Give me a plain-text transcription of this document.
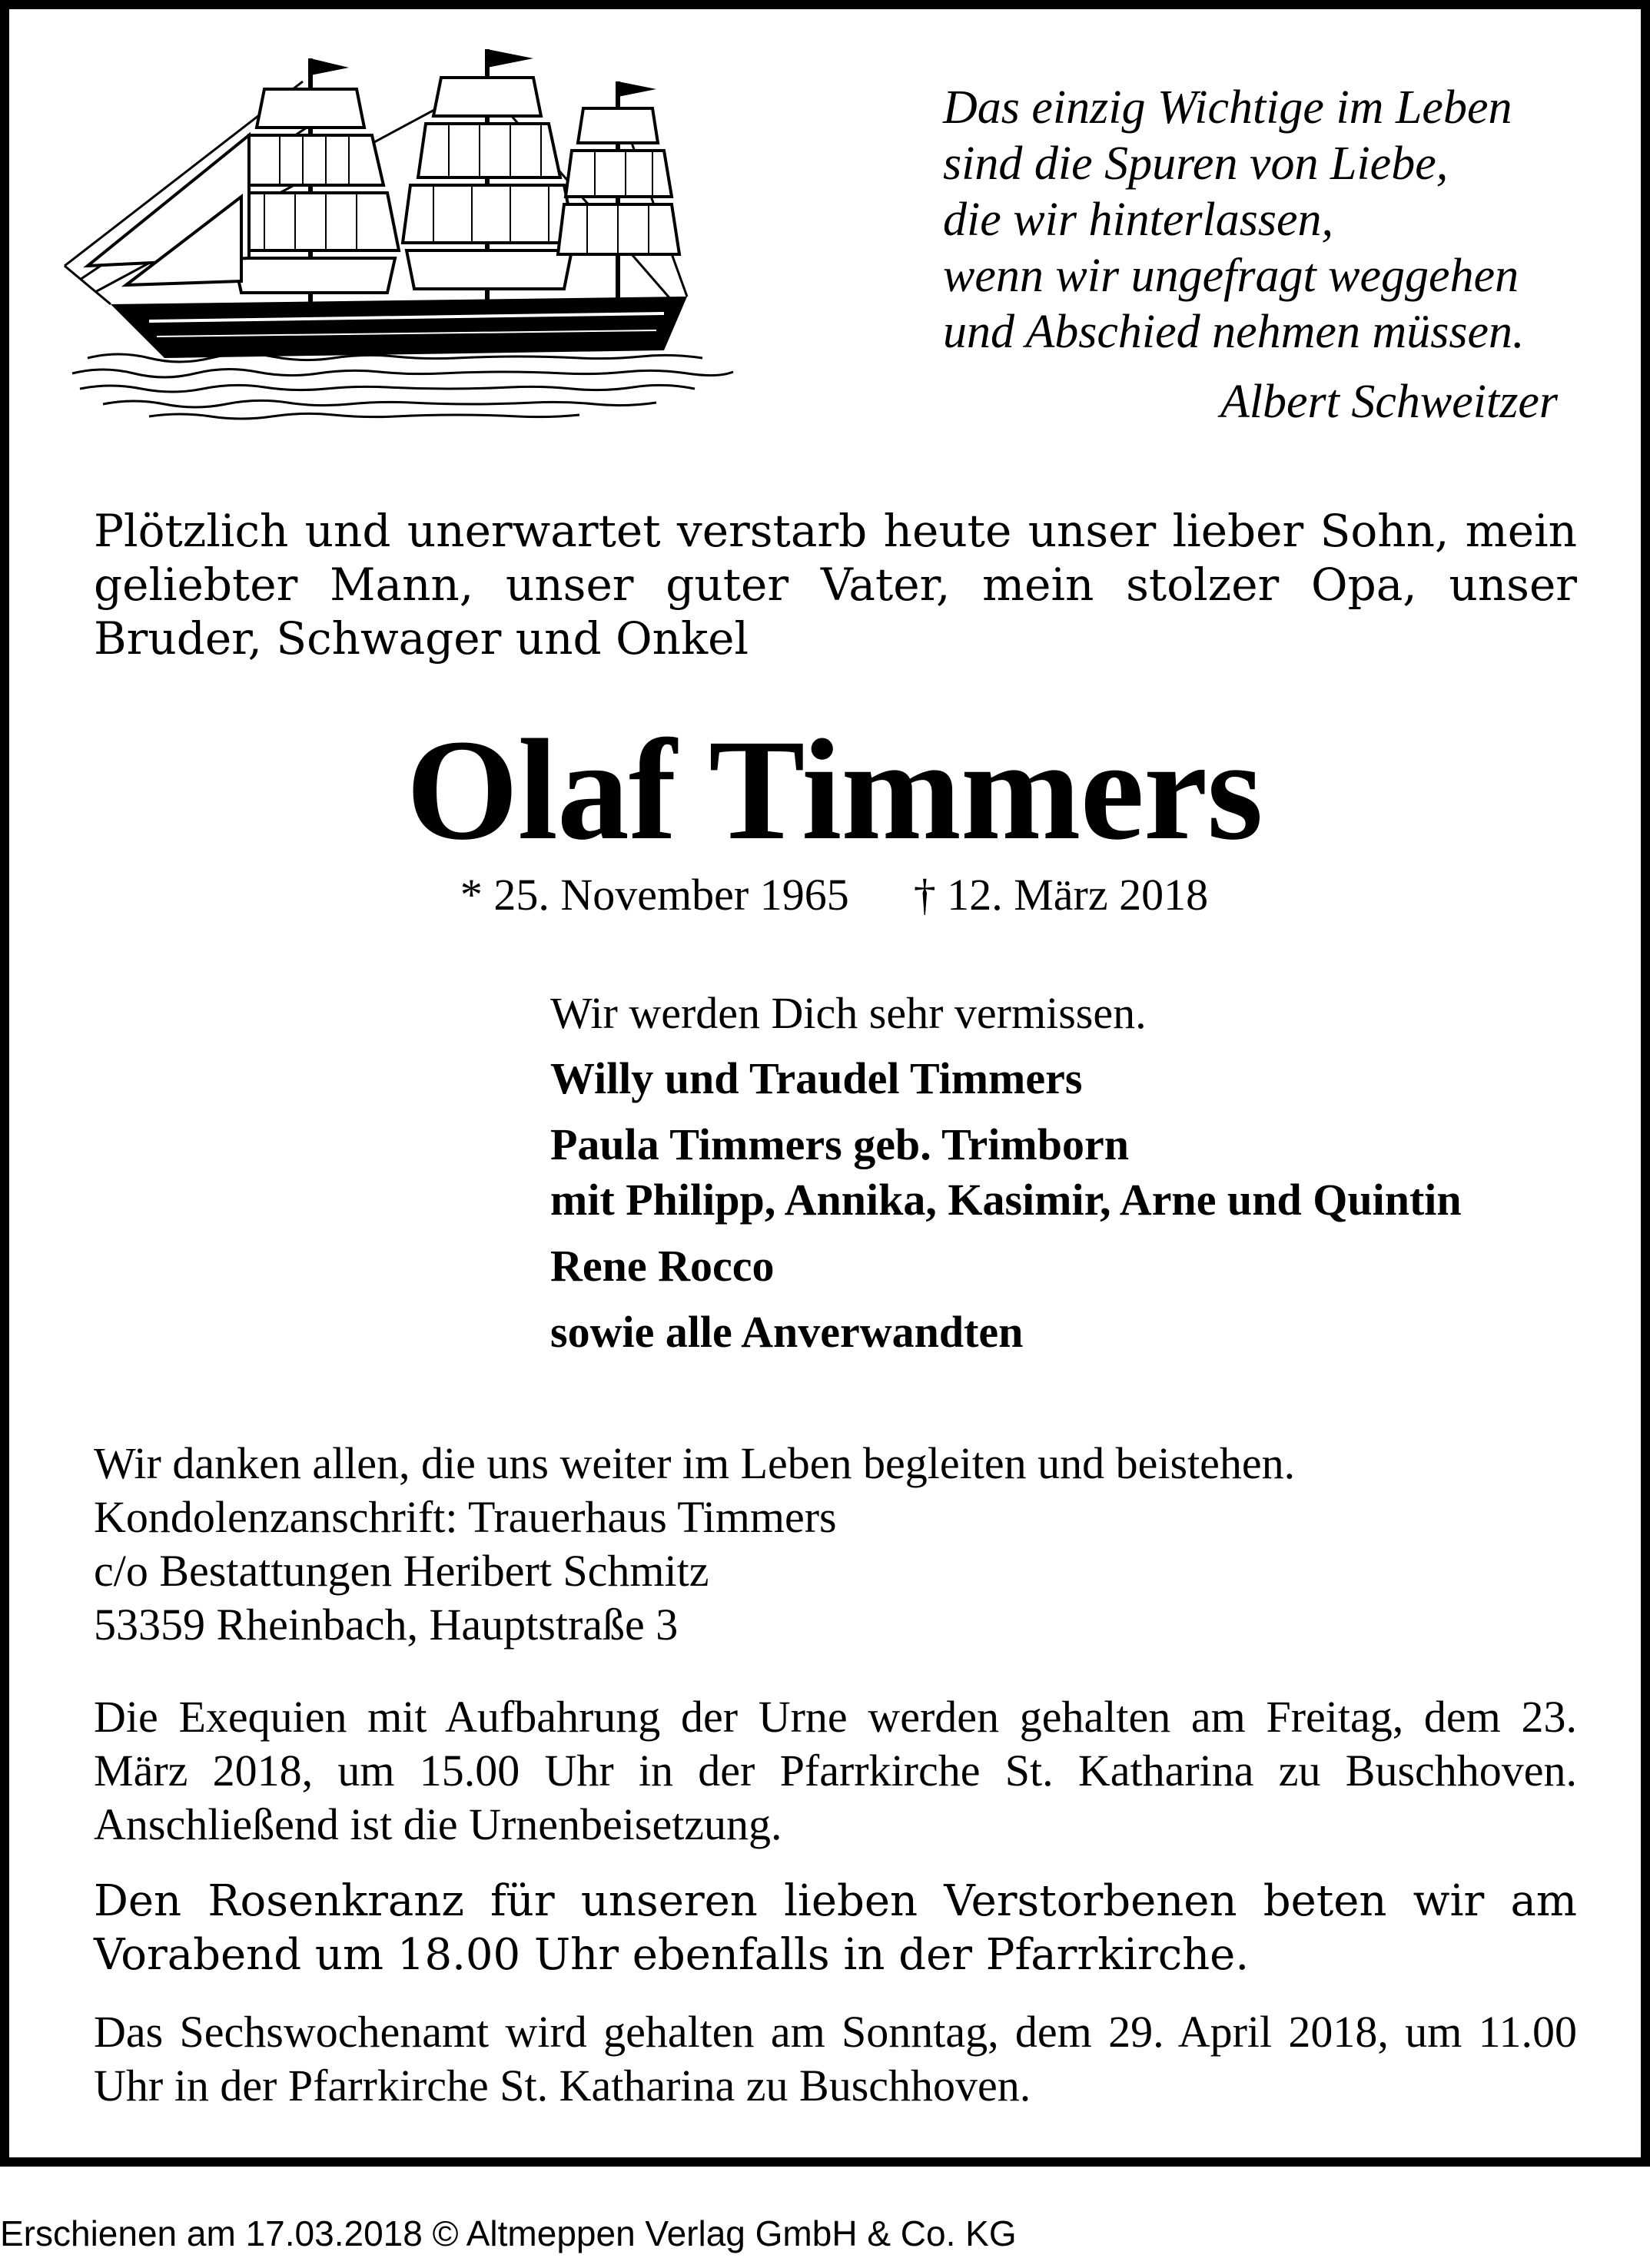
Das einzig Wichtige im Leben
sind die Spuren von Liebe,
die wir hinterlassen,
wenn wir ungefragt weggehen
und Abschied nehmen müssen.
Albert Schweitzer
Plötzlich und unerwartet verstarb heute unser lieber Sohn, mein geliebter Mann, unser guter Vater, mein stolzer Opa, unser Bruder, Schwager und Onkel
Olaf Timmers
* 25. November 1965 † 12. März 2018
Wir werden Dich sehr vermissen.
Willy und Traudel Timmers
Paula Timmers geb. Trimborn
mit Philipp, Annika, Kasimir, Arne und Quintin
Rene Rocco
sowie alle Anverwandten
Wir danken allen, die uns weiter im Leben begleiten und beistehen.
Kondolenzanschrift: Trauerhaus Timmers
c/o Bestattungen Heribert Schmitz
53359 Rheinbach, Hauptstraße 3
Die Exequien mit Aufbahrung der Urne werden gehalten am Freitag, dem 23. März 2018, um 15.00 Uhr in der Pfarrkirche St. Katharina zu Buschhoven. Anschließend ist die Urnenbeisetzung.
Den Rosenkranz für unseren lieben Verstorbenen beten wir am Vorabend um 18.00 Uhr ebenfalls in der Pfarrkirche.
Das Sechswochenamt wird gehalten am Sonntag, dem 29. April 2018, um 11.00 Uhr in der Pfarrkirche St. Katharina zu Buschhoven.
Erschienen am 17.03.2018 © Altmeppen Verlag GmbH & Co. KG
